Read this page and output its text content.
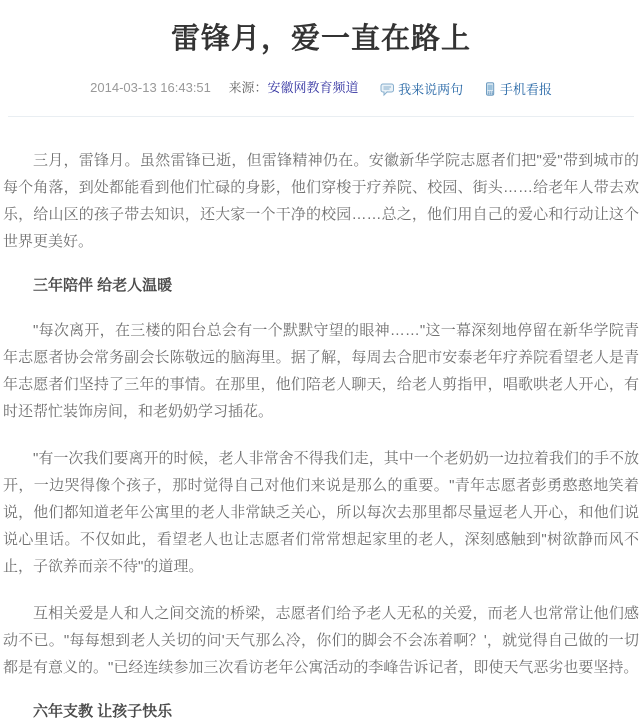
雷锋月，爱一直在路上
2014-03-13 16:43:51 来源：安徽网教育频道	我来说两句
	手机看报

三月，雷锋月。虽然雷锋已逝，但雷锋精神仍在。安徽新华学院志愿者们把"爱"带到城市的每个角落，到处都能看到他们忙碌的身影，他们穿梭于疗养院、校园、街头……给老年人带去欢乐，给山区的孩子带去知识，还大家一个干净的校园……总之，他们用自己的爱心和行动让这个世界更美好。

三年陪伴 给老人温暖

"每次离开，在三楼的阳台总会有一个默默守望的眼神……"这一幕深刻地停留在新华学院青年志愿者协会常务副会长陈敬远的脑海里。据了解，每周去合肥市安泰老年疗养院看望老人是青年志愿者们坚持了三年的事情。在那里，他们陪老人聊天，给老人剪指甲，唱歌哄老人开心，有时还帮忙装饰房间，和老奶奶学习插花。

"有一次我们要离开的时候，老人非常舍不得我们走，其中一个老奶奶一边拉着我们的手不放开，一边哭得像个孩子，那时觉得自己对他们来说是那么的重要。"青年志愿者彭勇憨憨地笑着说，他们都知道老年公寓里的老人非常缺乏关心，所以每次去那里都尽量逗老人开心，和他们说说心里话。不仅如此，看望老人也让志愿者们常常想起家里的老人，深刻感触到"树欲静而风不止，子欲养而亲不待"的道理。

互相关爱是人和人之间交流的桥梁，志愿者们给予老人无私的关爱，而老人也常常让他们感动不已。"每每想到老人关切的问'天气那么冷，你们的脚会不会冻着啊？'，就觉得自己做的一切都是有意义的。"已经连续参加三次看访老年公寓活动的李峰告诉记者，即使天气恶劣也要坚持。

六年支教 让孩子快乐
